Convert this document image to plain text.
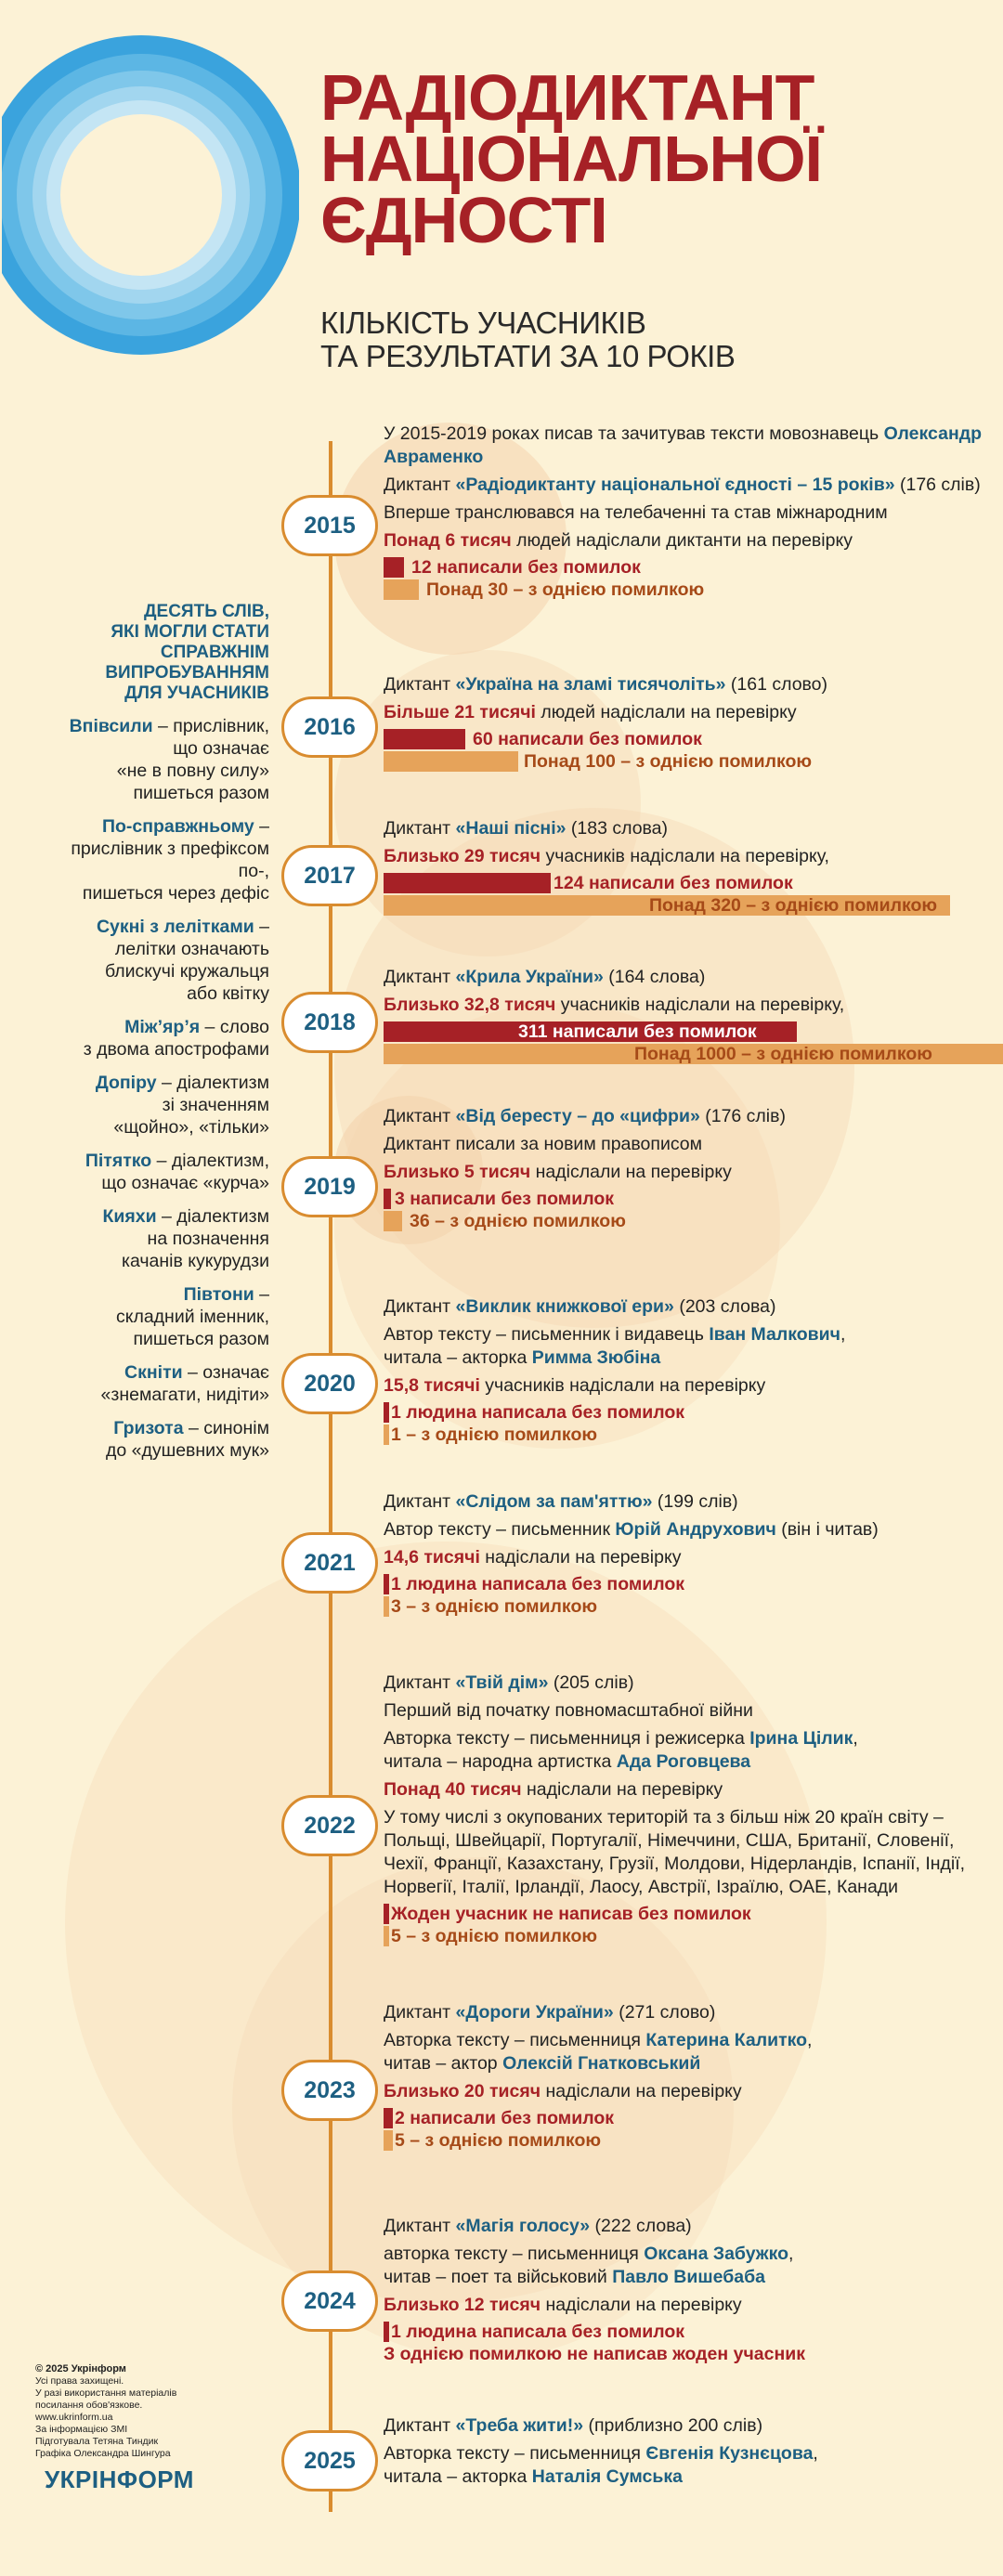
РАДІОДИКТАНТ
НАЦІОНАЛЬНОЇ
ЄДНОСТІ
КІЛЬКІСТЬ УЧАСНИКІВ
ТА РЕЗУЛЬТАТИ ЗА 10 РОКІВ
2015
2016
2017
2018
2019
2020
2021
2022
2023
2024
2025

У 2015-2019 роках писав та зачитував тексти мовознавець Олександр Авраменко

Диктант «Радіодиктанту національної єдності – 15 років» (176 слів)

Вперше транслювався на телебаченні та став міжнародним

Понад 6 тисяч людей надіслали диктанти на перевірку

12 написали без помилок
Понад 30 – з однією помилкою

Диктант «Україна на зламі тисячоліть» (161 слово)

Більше 21 тисячі людей надіслали на перевірку

60 написали без помилок
Понад 100 – з однією помилкою

Диктант «Наші пісні» (183 слова)

Близько 29 тисяч учасників надіслали на перевірку,

124 написали без помилок
Понад 320 – з однією помилкою

Диктант «Крила України» (164 слова)

Близько 32,8 тисяч учасників надіслали на перевірку,

311 написали без помилок
Понад 1000 – з однією помилкою

Диктант «Від бересту – до «цифри» (176 слів)

Диктант писали за новим правописом

Близько 5 тисяч надіслали на перевірку

3 написали без помилок
36 – з однією помилкою

Диктант «Виклик книжкової ери» (203 слова)

Автор тексту – письменник і видавець Іван Малкович,
читала – акторка Римма Зюбіна

15,8 тисячі учасників надіслали на перевірку

1 людина написала без помилок
1 – з однією помилкою

Диктант «Слідом за пам'яттю» (199 слів)

Автор тексту – письменник Юрій Андрухович (він і читав)

14,6 тисячі надіслали на перевірку

1 людина написала без помилок
3 – з однією помилкою

Диктант «Твій дім» (205 слів)

Перший від початку повномасштабної війни

Авторка тексту – письменниця і режисерка Ірина Цілик,
читала – народна артистка Ада Роговцева

Понад 40 тисяч надіслали на перевірку

У тому числі з окупованих територій та з більш ніж 20 країн світу – Польщі, Швейцарії, Португалії, Німеччини, США, Британії, Словенії, Чехії, Франції, Казахстану, Грузії, Молдови, Нідерландів, Іспанії, Індії, Норвегії, Італії, Ірландії, Лаосу, Австрії, Ізраїлю, ОАЕ, Канади

Жоден учасник не написав без помилок
5 – з однією помилкою

Диктант «Дороги України» (271 слово)

Авторка тексту – письменниця Катерина Калитко,
читав – актор Олексій Гнатковський

Близько 20 тисяч надіслали на перевірку

2 написали без помилок
5 – з однією помилкою

Диктант «Магія голосу» (222 слова)

авторка тексту – письменниця Оксана Забужко,
читав – поет та військовий Павло Вишебаба

Близько 12 тисяч надіслали на перевірку

1 людина написала без помилок
З однією помилкою не написав жоден учасник

Диктант «Треба жити!» (приблизно 200 слів)

Авторка тексту – письменниця Євгенія Кузнєцова,
читала – акторка Наталія Сумська

ДЕСЯТЬ СЛІВ,
ЯКІ МОГЛИ СТАТИ
СПРАВЖНІМ
ВИПРОБУВАННЯМ
ДЛЯ УЧАСНИКІВ
Впівсили – прислівник,
що означає
«не в повну силу»
пишеться разом
По-справжньому –
прислівник з префіксом по-,
пишеться через дефіс
Сукні з лелітками –
лелітки означають
блискучі кружальця
або квітку
Між’яр’я – слово
з двома апострофами
Допіру – діалектизм
зі значенням
«щойно», «тільки»
Пітятко – діалектизм,
що означає «курча»
Кияхи – діалектизм
на позначення
качанів кукурудзи
Півтони –
складний іменник,
пишеться разом
Скніти – означає
«знемагати, нидіти»
Гризота – синонім
до «душевних мук»
© 2025 Укрінформ
Усі права захищені.
У разі використання матеріалів
посилання обов'язкове.
www.ukrinform.ua
За інформацією ЗМІ
Підготувала Тетяна Тиндик
Графіка Олександра Шингура
УКРІНФОРМ
